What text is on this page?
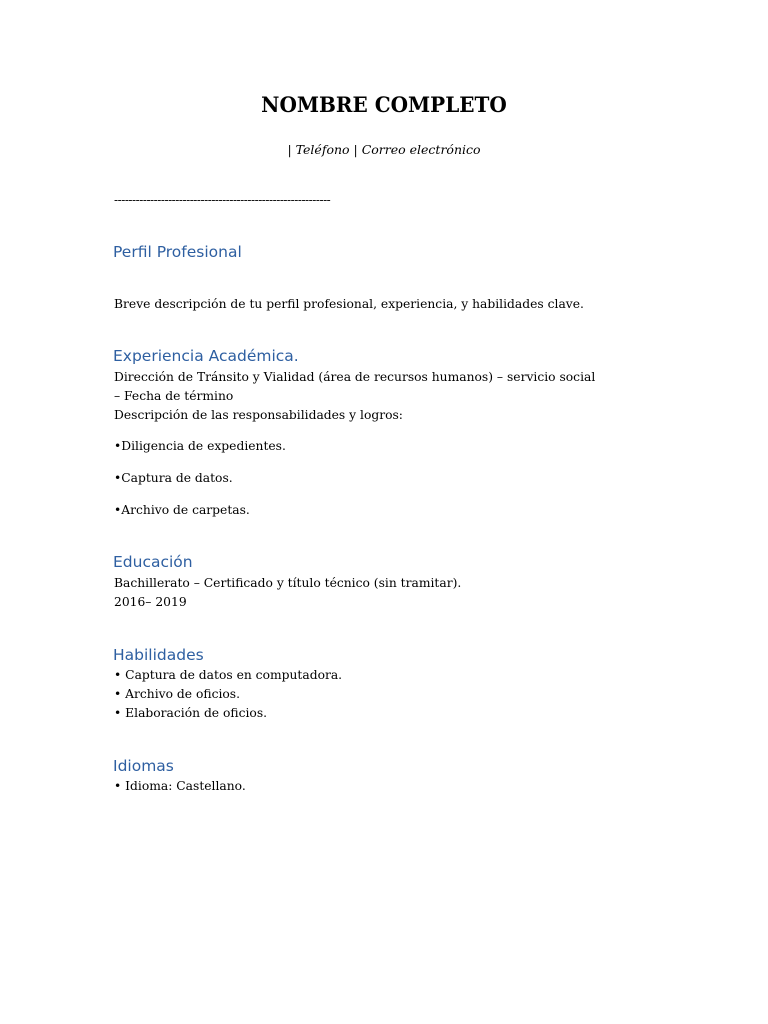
NOMBRE COMPLETO
| Teléfono | Correo electrónico
------------------------------------------------------------
Perfil Profesional
Breve descripción de tu perfil profesional, experiencia, y habilidades clave.
Experiencia Académica.
Dirección de Tránsito y Vialidad (área de recursos humanos) – servicio social
– Fecha de término
Descripción de las responsabilidades y logros:
•Diligencia de expedientes.
•Captura de datos.
•Archivo de carpetas.
Educación
Bachillerato – Certificado y título técnico (sin tramitar).
2016– 2019
Habilidades
• Captura de datos en computadora.
• Archivo de oficios.
• Elaboración de oficios.
Idiomas
• Idioma: Castellano.
